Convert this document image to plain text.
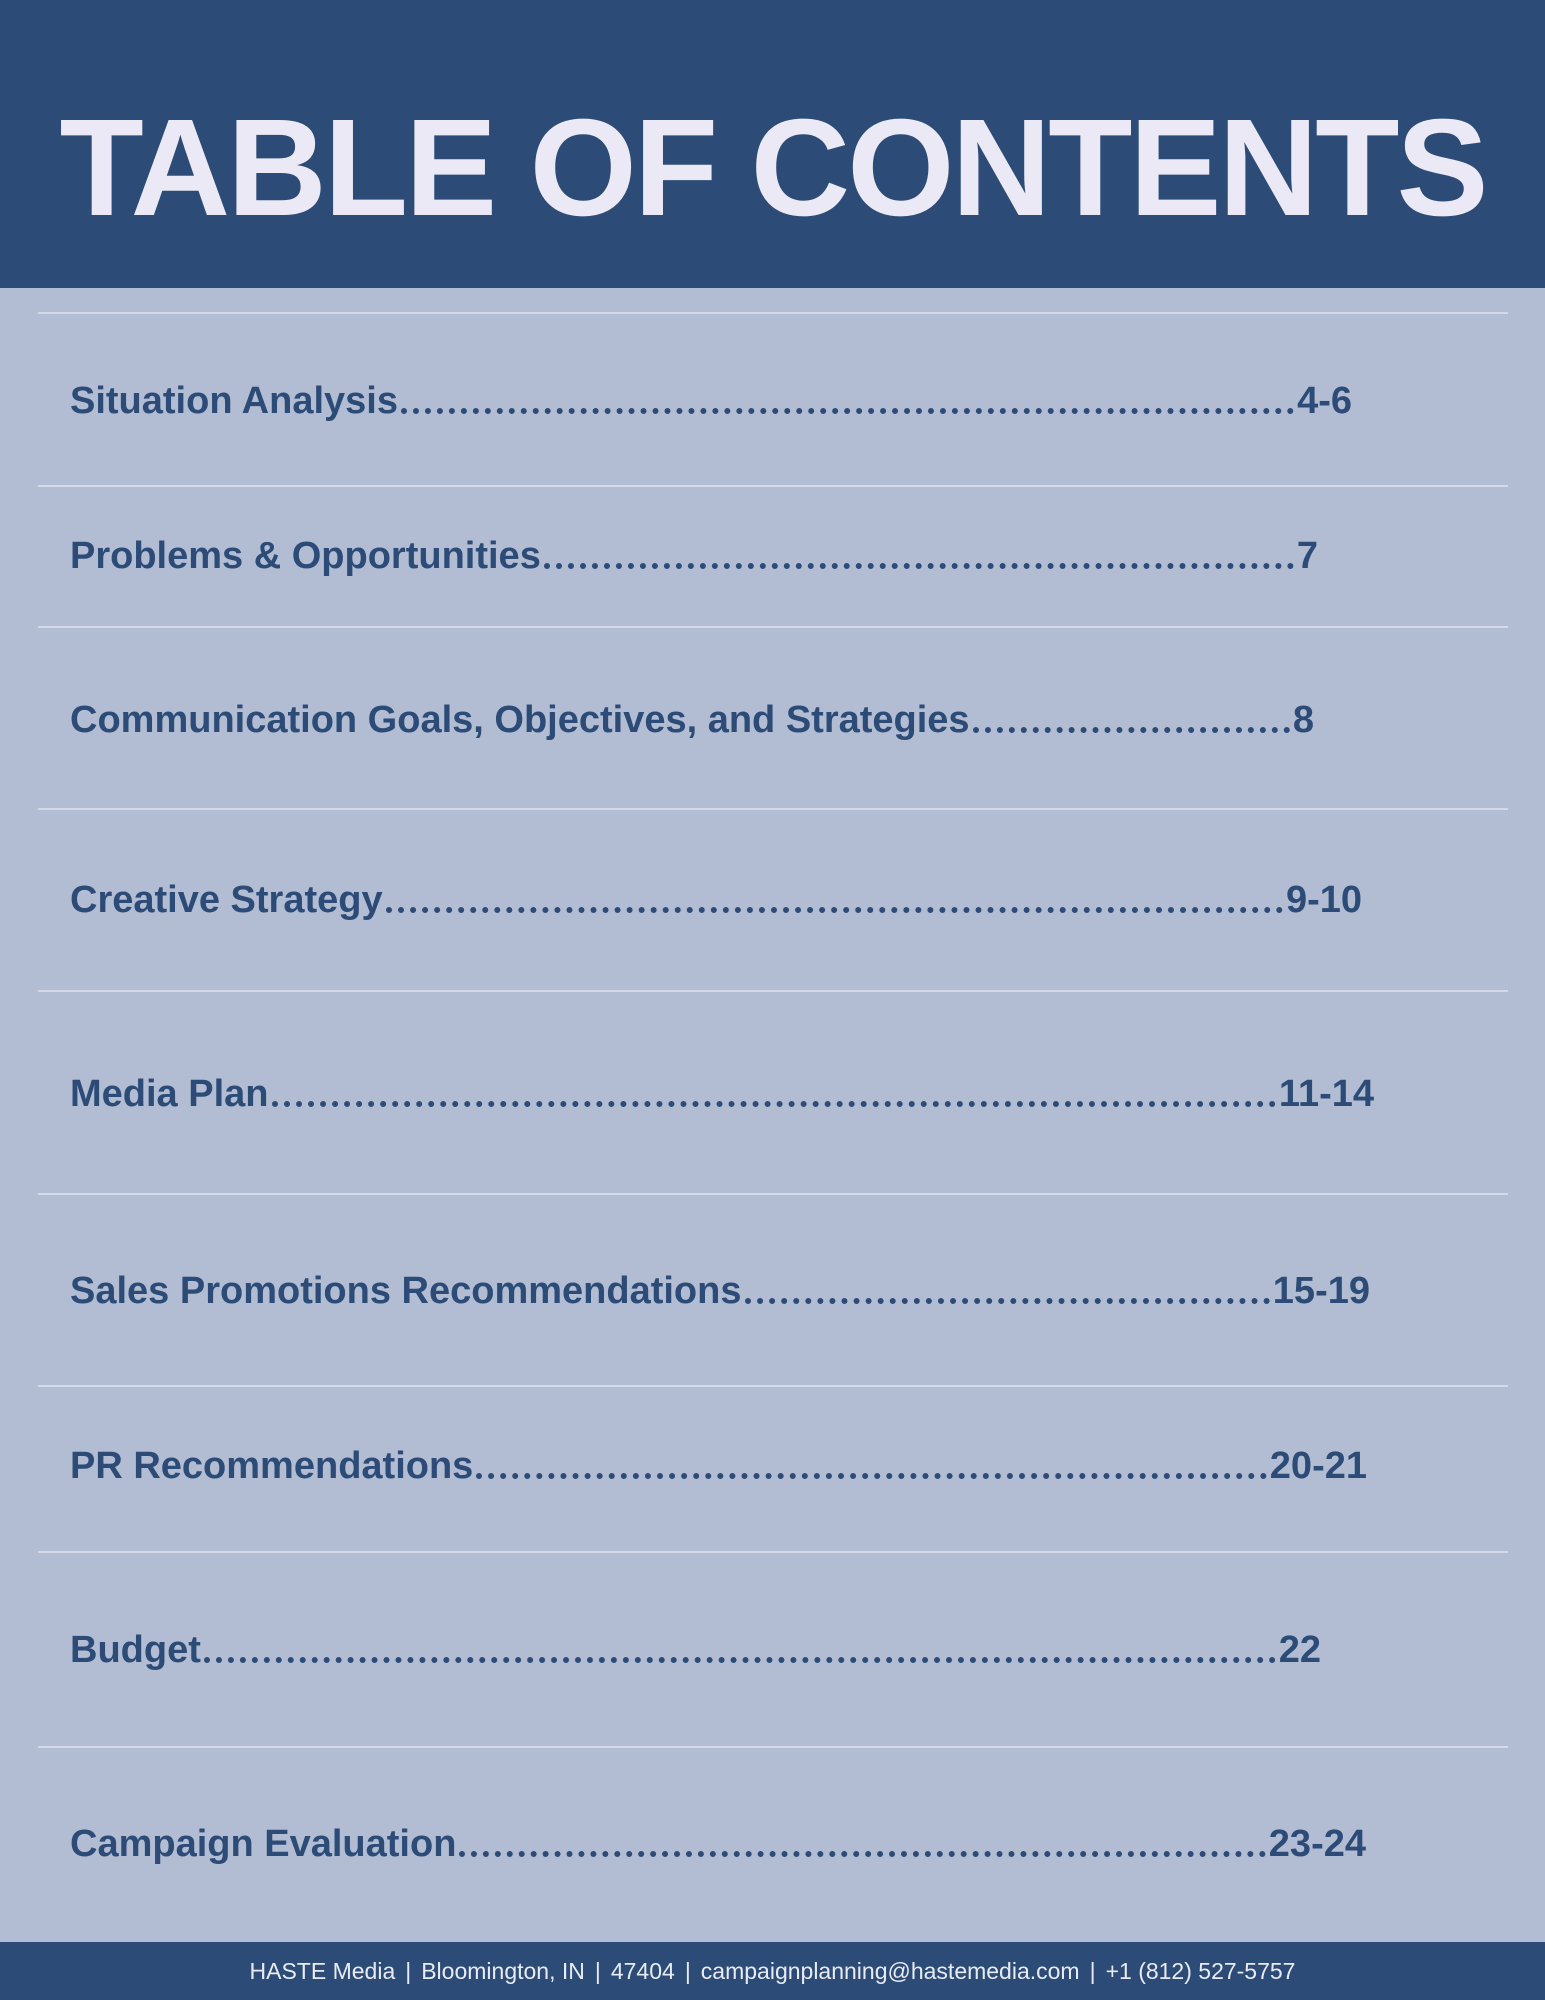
TABLE OF CONTENTS
Situation Analysis	4-6
Problems & Opportunities	7
Communication Goals, Objectives, and Strategies	8
Creative Strategy	9-10
Media Plan	11-14
Sales Promotions Recommendations	15-19
PR Recommendations	20-21
Budget	22
Campaign Evaluation	23-24
HASTE Media | Bloomington, IN | 47404 | campaignplanning@hastemedia.com | +1 (812) 527-5757
